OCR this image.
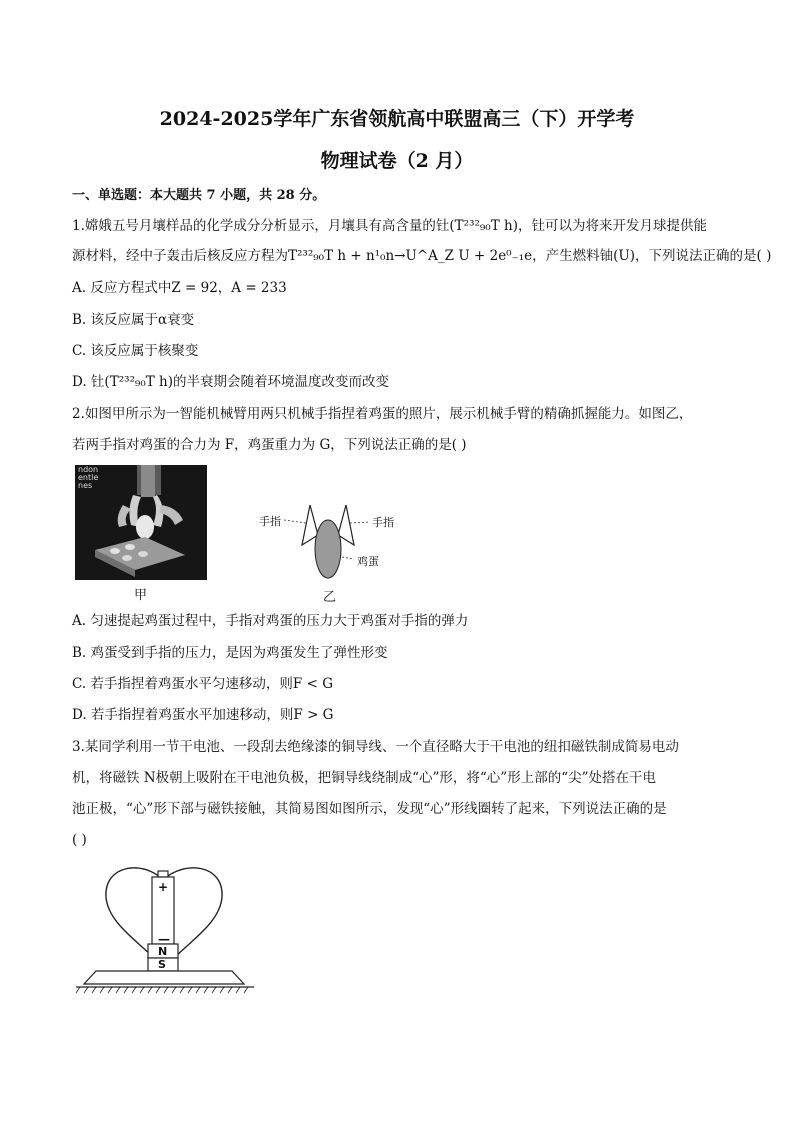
2024-2025学年广东省领航高中联盟高三（下）开学考
物理试卷（2 月）
一、单选题：本大题共 7 小题，共 28 分。
1.嫦娥五号月壤样品的化学成分分析显示，月壤具有高含量的钍(T²³²₉₀T h)，钍可以为将来开发月球提供能
源材料，经中子轰击后核反应方程为T²³²₉₀T h + n¹₀n→U^A_Z U + 2e⁰₋₁e，产生燃料铀(U)，下列说法正确的是( )
A. 反应方程式中Z = 92，A = 233
B. 该反应属于α衰变
C. 该反应属于核聚变
D. 钍(T²³²₉₀T h)的半衰期会随着环境温度改变而改变
2.如图甲所示为一智能机械臂用两只机械手指捏着鸡蛋的照片，展示机械手臂的精确抓握能力。如图乙，
若两手指对鸡蛋的合力为 F，鸡蛋重力为 G，下列说法正确的是( )
ndon
entle
nes
甲
手指	手指
鸡蛋
乙
A. 匀速提起鸡蛋过程中，手指对鸡蛋的压力大于鸡蛋对手指的弹力
B. 鸡蛋受到手指的压力，是因为鸡蛋发生了弹性形变
C. 若手指捏着鸡蛋水平匀速移动，则F < G
D. 若手指捏着鸡蛋水平加速移动，则F > G
3.某同学利用一节干电池、一段刮去绝缘漆的铜导线、一个直径略大于干电池的纽扣磁铁制成简易电动
机，将磁铁 N极朝上吸附在干电池负极，把铜导线绕制成“心”形，将“心”形上部的“尖”处搭在干电
池正极，“心”形下部与磁铁接触，其简易图如图所示，发现“心”形线圈转了起来，下列说法正确的是
( )
+
—
N
S
